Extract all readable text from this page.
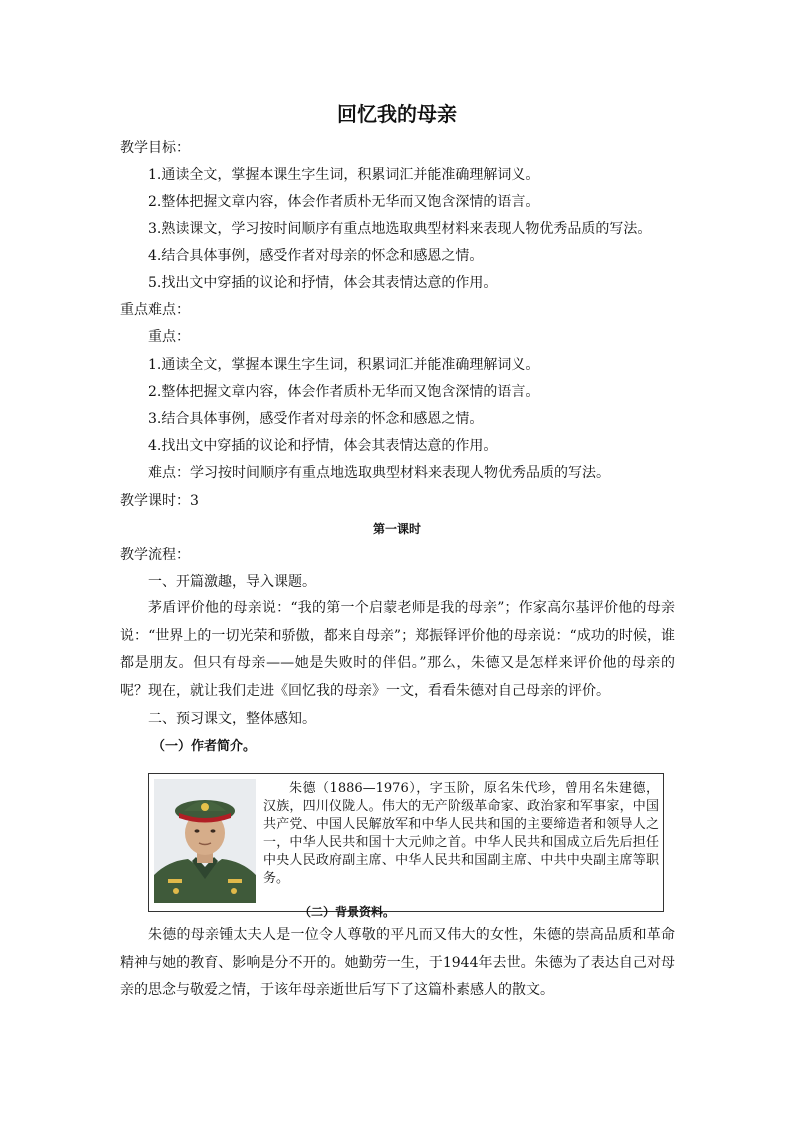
回忆我的母亲
教学目标：
1.通读全文，掌握本课生字生词，积累词汇并能准确理解词义。
2.整体把握文章内容，体会作者质朴无华而又饱含深情的语言。
3.熟读课文，学习按时间顺序有重点地选取典型材料来表现人物优秀品质的写法。
4.结合具体事例，感受作者对母亲的怀念和感恩之情。
5.找出文中穿插的议论和抒情，体会其表情达意的作用。
重点难点：
重点：
1.通读全文，掌握本课生字生词，积累词汇并能准确理解词义。
2.整体把握文章内容，体会作者质朴无华而又饱含深情的语言。
3.结合具体事例，感受作者对母亲的怀念和感恩之情。
4.找出文中穿插的议论和抒情，体会其表情达意的作用。
难点：学习按时间顺序有重点地选取典型材料来表现人物优秀品质的写法。
教学课时：3
第一课时
教学流程：
一、开篇激趣，导入课题。
茅盾评价他的母亲说：“我的第一个启蒙老师是我的母亲”；作家高尔基评价他的母亲说：“世界上的一切光荣和骄傲，都来自母亲”；郑振铎评价他的母亲说：“成功的时候，谁都是朋友。但只有母亲——她是失败时的伴侣。”那么，朱德又是怎样来评价他的母亲的呢？现在，就让我们走进《回忆我的母亲》一文，看看朱德对自己母亲的评价。
二、预习课文，整体感知。
（一）作者简介。
朱德（1886—1976），字玉阶，原名朱代珍，曾用名朱建德，汉族，四川仪陇人。伟大的无产阶级革命家、政治家和军事家，中国共产党、中国人民解放军和中华人民共和国的主要缔造者和领导人之一，中华人民共和国十大元帅之首。中华人民共和国成立后先后担任中央人民政府副主席、中华人民共和国副主席、中共中央副主席等职务。
（二）背景资料。
朱德的母亲锺太夫人是一位令人尊敬的平凡而又伟大的女性，朱德的崇高品质和革命精神与她的教育、影响是分不开的。她勤劳一生，于1944年去世。朱德为了表达自己对母亲的思念与敬爱之情，于该年母亲逝世后写下了这篇朴素感人的散文。
